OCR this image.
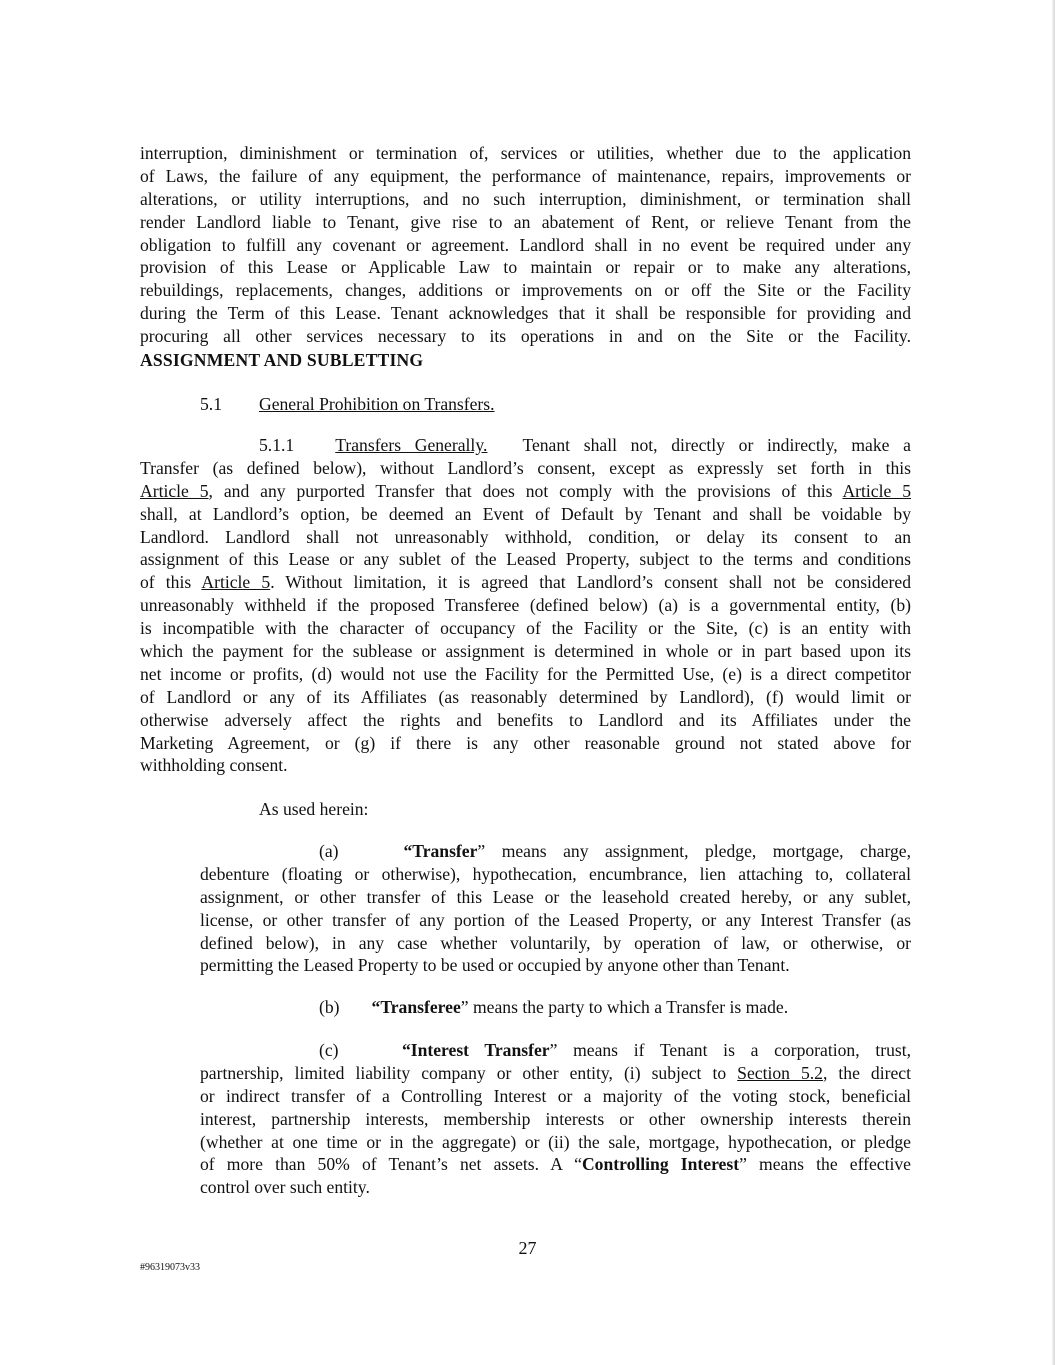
interruption, diminishment or termination of, services or utilities, whether due to the application
of Laws, the failure of any equipment, the performance of maintenance, repairs, improvements or
alterations, or utility interruptions, and no such interruption, diminishment, or termination shall
render Landlord liable to Tenant, give rise to an abatement of Rent, or relieve Tenant from the
obligation to fulfill any covenant or agreement. Landlord shall in no event be required under any
provision of this Lease or Applicable Law to maintain or repair or to make any alterations,
rebuildings, replacements, changes, additions or improvements on or off the Site or the Facility
during the Term of this Lease. Tenant acknowledges that it shall be responsible for providing and
procuring all other services necessary to its operations in and on the Site or the Facility.
ASSIGNMENT AND SUBLETTING
5.1 General Prohibition on Transfers.
5.1.1 Transfers Generally. Tenant shall not, directly or indirectly, make a
Transfer (as defined below), without Landlord’s consent, except as expressly set forth in this
Article 5, and any purported Transfer that does not comply with the provisions of this Article 5
shall, at Landlord’s option, be deemed an Event of Default by Tenant and shall be voidable by
Landlord. Landlord shall not unreasonably withhold, condition, or delay its consent to an
assignment of this Lease or any sublet of the Leased Property, subject to the terms and conditions
of this Article 5. Without limitation, it is agreed that Landlord’s consent shall not be considered
unreasonably withheld if the proposed Transferee (defined below) (a) is a governmental entity, (b)
is incompatible with the character of occupancy of the Facility or the Site, (c) is an entity with
which the payment for the sublease or assignment is determined in whole or in part based upon its
net income or profits, (d) would not use the Facility for the Permitted Use, (e) is a direct competitor
of Landlord or any of its Affiliates (as reasonably determined by Landlord), (f) would limit or
otherwise adversely affect the rights and benefits to Landlord and its Affiliates under the
Marketing Agreement, or (g) if there is any other reasonable ground not stated above for
withholding consent.
As used herein:
(a)	“Transfer” means any assignment, pledge, mortgage, charge,
debenture (floating or otherwise), hypothecation, encumbrance, lien attaching to, collateral
assignment, or other transfer of this Lease or the leasehold created hereby, or any sublet,
license, or other transfer of any portion of the Leased Property, or any Interest Transfer (as
defined below), in any case whether voluntarily, by operation of law, or otherwise, or
permitting the Leased Property to be used or occupied by anyone other than Tenant.
(b) “Transferee” means the party to which a Transfer is made.
(c)	“Interest Transfer” means if Tenant is a corporation, trust,
partnership, limited liability company or other entity, (i) subject to Section 5.2, the direct
or indirect transfer of a Controlling Interest or a majority of the voting stock, beneficial
interest, partnership interests, membership interests or other ownership interests therein
(whether at one time or in the aggregate) or (ii) the sale, mortgage, hypothecation, or pledge
of more than 50% of Tenant’s net assets. A “Controlling Interest” means the effective
control over such entity.
27
#96319073v33
